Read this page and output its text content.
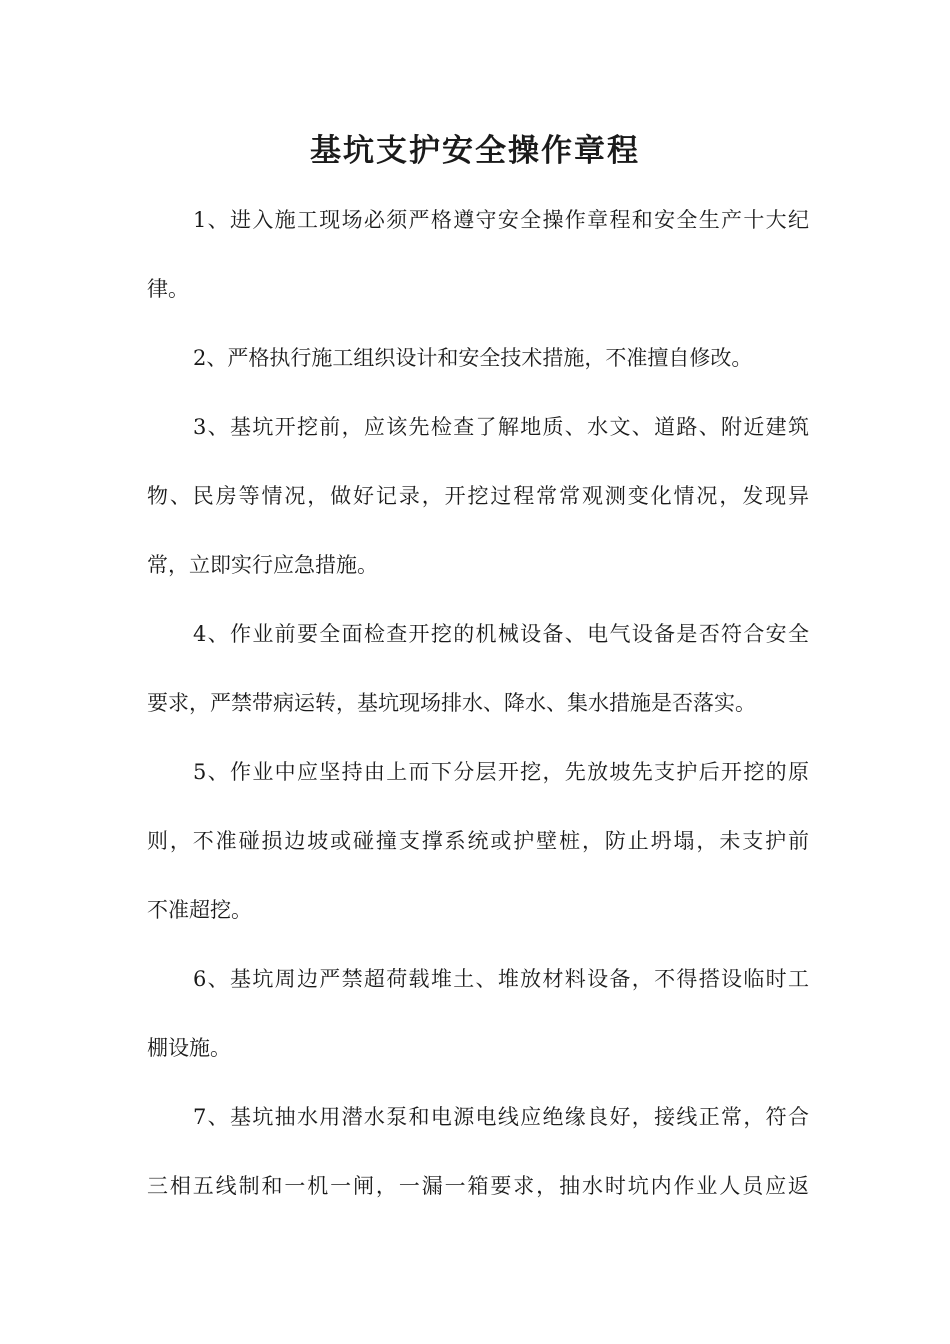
基坑支护安全操作章程
1、进入施工现场必须严格遵守安全操作章程和安全生产十大纪
律。
2、严格执行施工组织设计和安全技术措施，不准擅自修改。
3、基坑开挖前，应该先检查了解地质、水文、道路、附近建筑
物、民房等情况，做好记录，开挖过程常常观测变化情况，发现异
常，立即实行应急措施。
4、作业前要全面检查开挖的机械设备、电气设备是否符合安全
要求，严禁带病运转，基坑现场排水、降水、集水措施是否落实。
5、作业中应坚持由上而下分层开挖，先放坡先支护后开挖的原
则，不准碰损边坡或碰撞支撑系统或护壁桩，防止坍塌，未支护前
不准超挖。
6、基坑周边严禁超荷载堆土、堆放材料设备，不得搭设临时工
棚设施。
7、基坑抽水用潜水泵和电源电线应绝缘良好，接线正常，符合
三相五线制和一机一闸，一漏一箱要求，抽水时坑内作业人员应返
